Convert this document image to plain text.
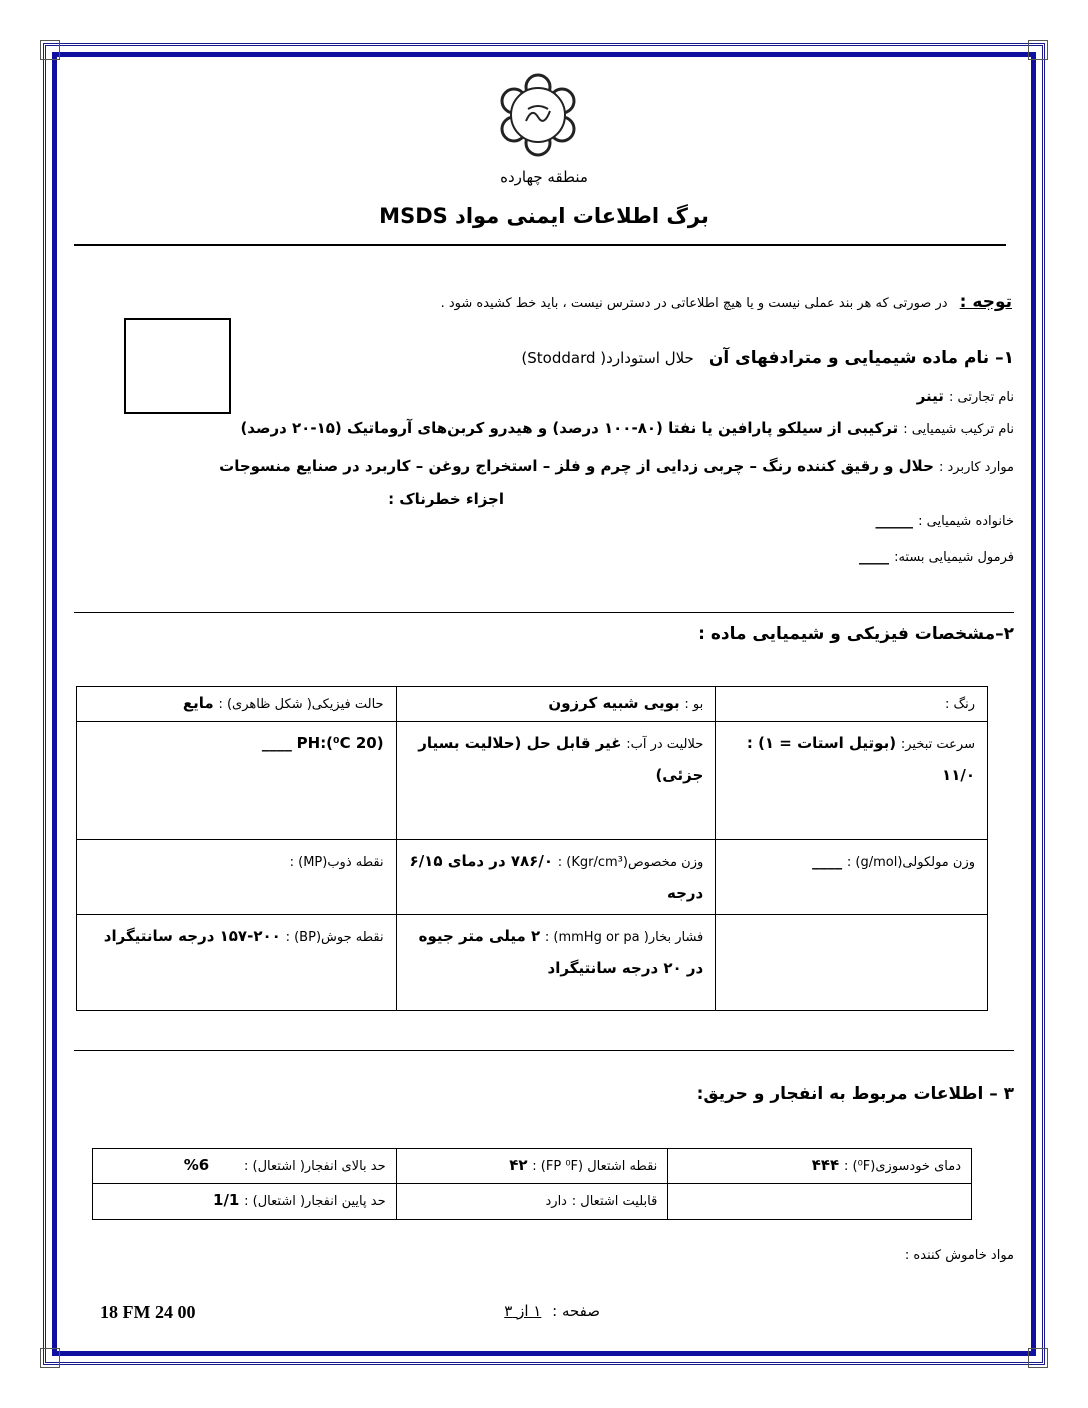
منطقه چهارده
برگ اطلاعات ایمنی مواد MSDS
توجه : در صورتی که هر بند عملی نیست و یا هیچ اطلاعاتی در دسترس نیست ، باید خط کشیده شود .
۱– نام ماده شیمیایی و مترادفهای آن حلال استودارد( Stoddard)
نام تجارتی : تینر
نام ترکیب شیمیایی : ترکیبی از سیلکو پارافین یا نفتا (۸۰-۱۰۰ درصد) و هیدرو کربن‌های آروماتیک (۱۵-۲۰ درصد)
موارد کاربرد : حلال و رقیق کننده رنگ – چربی زدایی از چرم و فلز – استخراج روغن – کاربرد در صنایع منسوجات
اجزاء خطرناک :
خانواده شیمیایی : _____
فرمول شیمیایی بسته: ____
۲–مشخصات فیزیکی و شیمیایی ماده :
حالت فیزیکی( شکل ظاهری) : مایع	بو : بویی شبیه کرزون	رنگ :
(20 ⁰C):PH ____	حلالیت در آب: غیر قابل حل (حلالیت بسیار جزئی)	سرعت تبخیر: (بوتیل استات = ۱) : ۱۱/۰
نقطه ذوب(MP) :	وزن مخصوص(Kgr/cm³) : ۷۸۶/۰ در دمای ۶/۱۵ درجه	وزن مولکولی(g/mol) : ____
نقطه جوش(BP) : ۱۵۷-۲۰۰ درجه سانتیگراد	فشار بخار( mmHg or pa) : ۲ میلی متر جیوه در ۲۰ درجه سانتیگراد	
۳ – اطلاعات مربوط به انفجار و حریق:
حد بالای انفجار( اشتعال) : 6%	نقطه اشتعال (FP ⁰F) : ۴۲	دمای خودسوزی(⁰F) : ۴۴۴
حد پایین انفجار( اشتعال) : 1/1	قابلیت اشتعال : دارد	
مواد خاموش کننده :
18 FM 24 00	صفحه : ۱ از ۳
